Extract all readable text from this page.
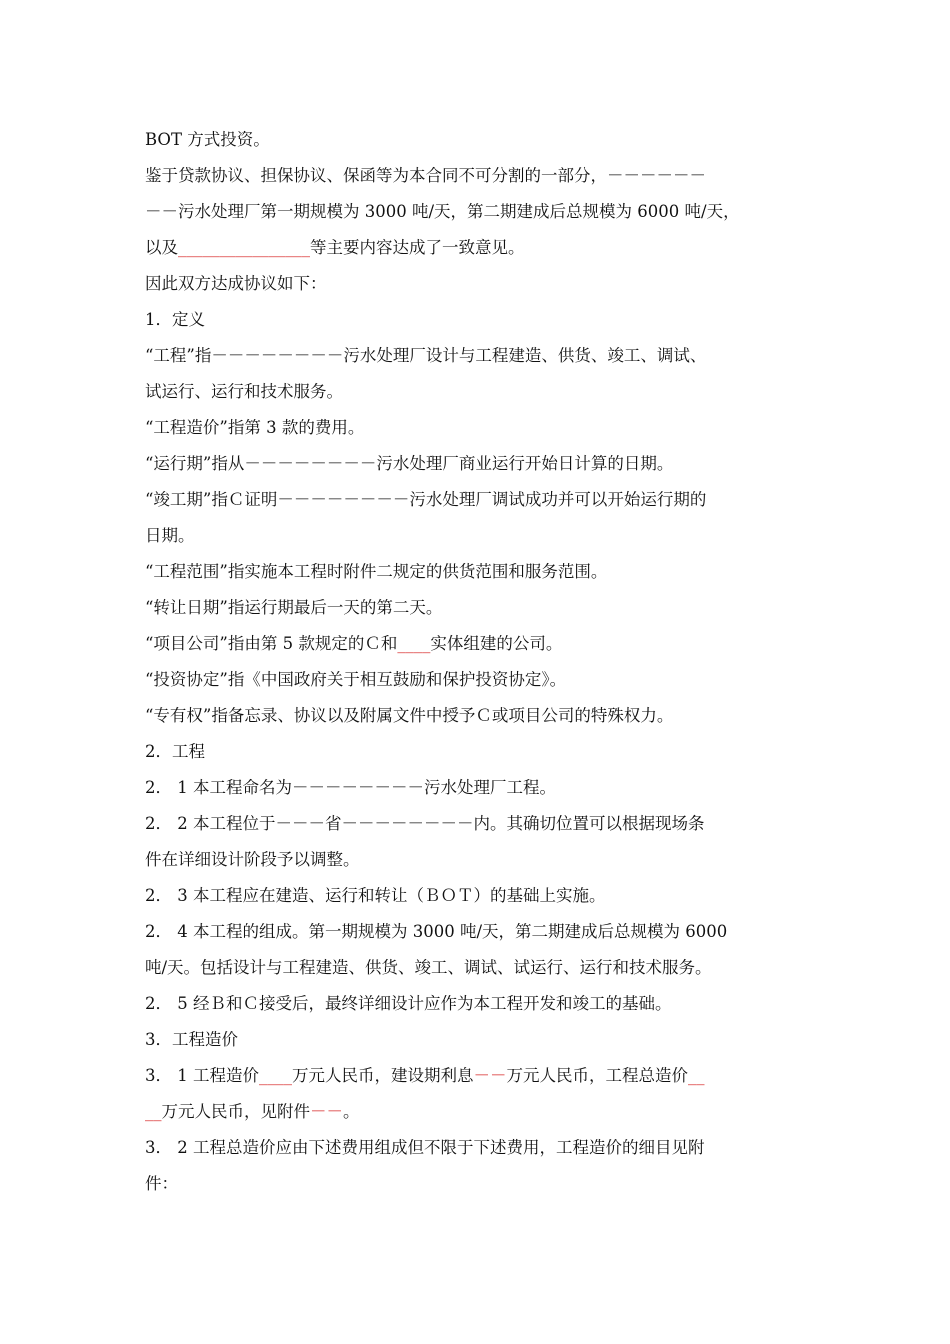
BOT 方式投资。

鉴于贷款协议、担保协议、保函等为本合同不可分割的一部分，－－－－－－

－－污水处理厂第一期规模为 3000 吨/天，第二期建成后总规模为 6000 吨/天，

以及________________等主要内容达成了一致意见。

因此双方达成协议如下：

1．定义

“工程”指－－－－－－－－污水处理厂设计与工程建造、供货、竣工、调试、

试运行、运行和技术服务。

“工程造价”指第 3 款的费用。

“运行期”指从－－－－－－－－污水处理厂商业运行开始日计算的日期。

“竣工期”指Ｃ证明－－－－－－－－污水处理厂调试成功并可以开始运行期的

日期。

“工程范围”指实施本工程时附件二规定的供货范围和服务范围。

“转让日期”指运行期最后一天的第二天。

“项目公司”指由第 5 款规定的Ｃ和____实体组建的公司。

“投资协定”指《中国政府关于相互鼓励和保护投资协定》。

“专有权”指备忘录、协议以及附属文件中授予Ｃ或项目公司的特殊权力。

2．工程

2． 1 本工程命名为－－－－－－－－污水处理厂工程。

2． 2 本工程位于－－－省－－－－－－－－内。其确切位置可以根据现场条

件在详细设计阶段予以调整。

2． 3 本工程应在建造、运行和转让（ＢＯＴ）的基础上实施。

2． 4 本工程的组成。第一期规模为 3000 吨/天，第二期建成后总规模为 6000

吨/天。包括设计与工程建造、供货、竣工、调试、试运行、运行和技术服务。

2． 5 经Ｂ和Ｃ接受后，最终详细设计应作为本工程开发和竣工的基础。

3．工程造价

3． 1 工程造价____万元人民币，建设期利息－－万元人民币，工程总造价__

__万元人民币，见附件－－。

3． 2 工程总造价应由下述费用组成但不限于下述费用，工程造价的细目见附

件：
